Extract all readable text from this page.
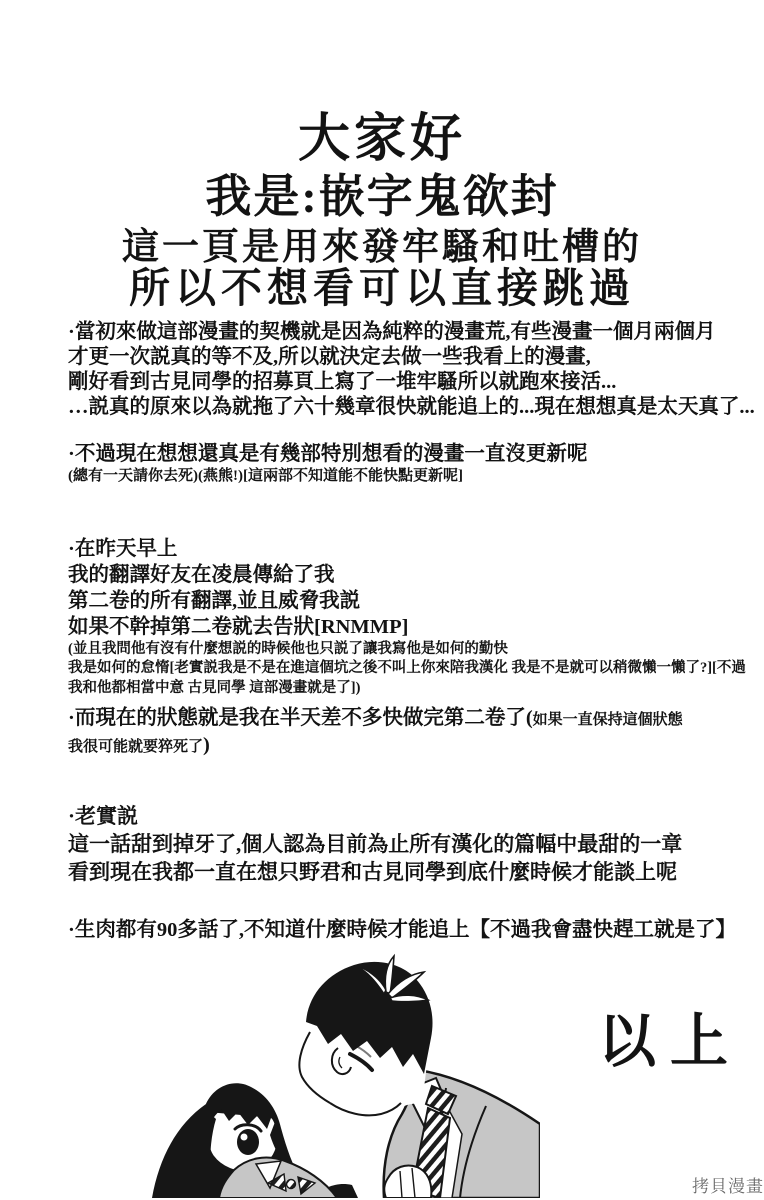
大家好
我是:嵌字鬼欲封
這一頁是用來發牢騷和吐槽的
所以不想看可以直接跳過
·當初來做這部漫畫的契機就是因為純粹的漫畫荒,有些漫畫一個月兩個月
才更一次説真的等不及,所以就決定去做一些我看上的漫畫,
剛好看到古見同學的招募頁上寫了一堆牢騷所以就跑來接活...
…説真的原來以為就拖了六十幾章很快就能追上的...現在想想真是太天真了...
·不過現在想想還真是有幾部特別想看的漫畫一直沒更新呢
(總有一天請你去死)(燕熊!)[這兩部不知道能不能快點更新呢]
·在昨天早上
我的翻譯好友在凌晨傳給了我
第二卷的所有翻譯,並且威脅我説
如果不幹掉第二卷就去告狀[RNMMP]
(並且我問他有沒有什麼想説的時候他也只説了讓我寫他是如何的勤快
我是如何的怠惰[老實説我是不是在進這個坑之後不叫上你來陪我漢化 我是不是就可以稍微懶一懶了?][不過
我和他都相當中意 古見同學 這部漫畫就是了])
·而現在的狀態就是我在半天差不多快做完第二卷了(如果一直保持這個狀態
我很可能就要猝死了)
·老實説
這一話甜到掉牙了,個人認為目前為止所有漢化的篇幅中最甜的一章
看到現在我都一直在想只野君和古見同學到底什麼時候才能談上呢
·生肉都有90多話了,不知道什麼時候才能追上【不過我會盡快趕工就是了】
以上
拷貝漫畫
